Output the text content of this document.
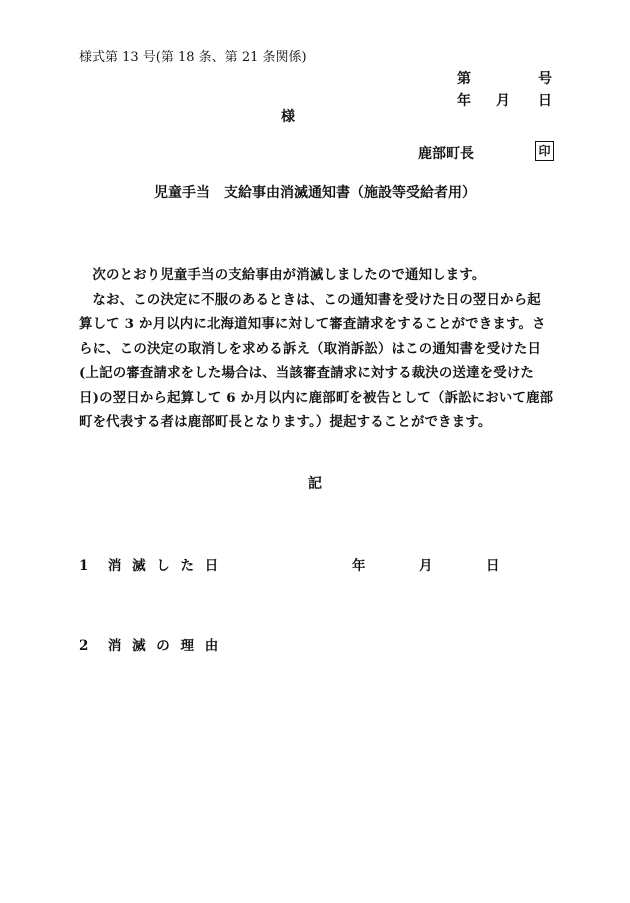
様式第 13 号(第 18 条、第 21 条関係)
第	号
年 月 日
様
鹿部町長	印
児童手当　支給事由消滅通知書（施設等受給者用）

次のとおり児童手当の支給事由が消滅しましたので通知します。

なお、この決定に不服のあるときは、この通知書を受けた日の翌日から起算して 3 か月以内に北海道知事に対して審査請求をすることができます。さらに、この決定の取消しを求める訴え（取消訴訟）はこの通知書を受けた日(上記の審査請求をした場合は、当該審査請求に対する裁決の送達を受けた日)の翌日から起算して 6 か月以内に鹿部町を被告として（訴訟において鹿部町を代表する者は鹿部町長となります。）提起することができます。

記
1　消 滅 し た 日	年	月	日
2　消 滅 の 理 由
